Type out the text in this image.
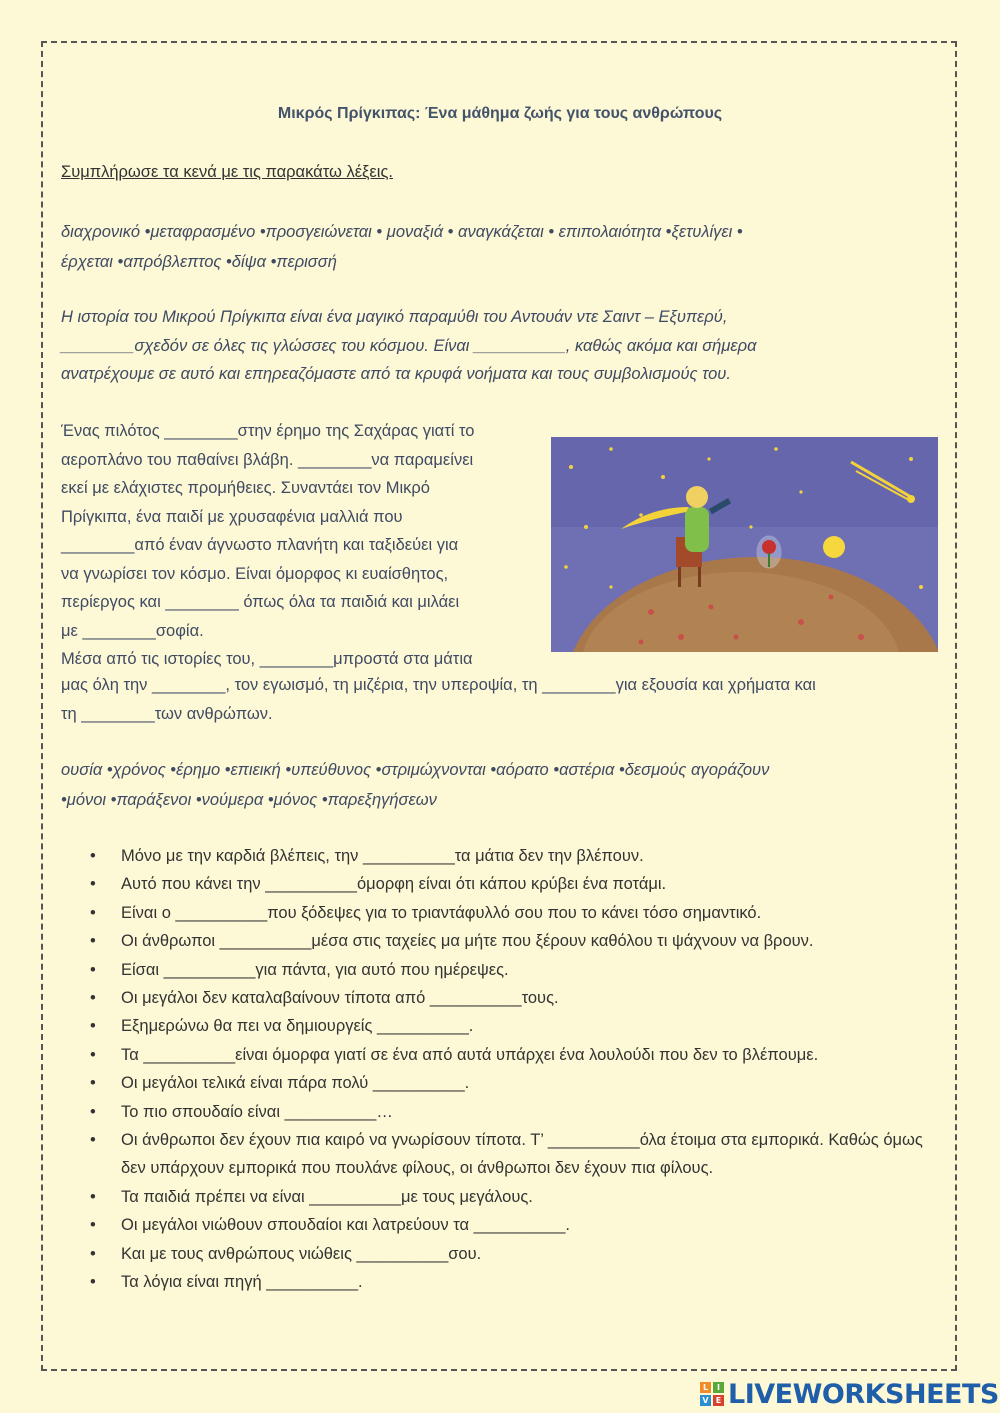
Μικρός Πρίγκιπας: Ένα μάθημα ζωής για τους ανθρώπους
Συμπλήρωσε τα κενά με τις παρακάτω λέξεις.
διαχρονικό •μεταφρασμένο •προσγειώνεται • μοναξιά • αναγκάζεται • επιπολαιότητα •ξετυλίγει •
έρχεται •απρόβλεπτος •δίψα •περισσή
Η ιστορία του Μικρού Πρίγκιπα είναι ένα μαγικό παραμύθι του Αντουάν ντε Σαιντ – Εξυπερύ,
________σχεδόν σε όλες τις γλώσσες του κόσμου. Είναι __________, καθώς ακόμα και σήμερα
ανατρέχουμε σε αυτό και επηρεαζόμαστε από τα κρυφά νοήματα και τους συμβολισμούς του.
Ένας πιλότος ________στην έρημο της Σαχάρας γιατί το
αεροπλάνο του παθαίνει βλάβη. ________να παραμείνει
εκεί με ελάχιστες προμήθειες. Συναντάει τον Μικρό
Πρίγκιπα, ένα παιδί με χρυσαφένια μαλλιά που
________από έναν άγνωστο πλανήτη και ταξιδεύει για
να γνωρίσει τον κόσμο. Είναι όμορφος κι ευαίσθητος,
περίεργος και ________ όπως όλα τα παιδιά και μιλάει
με ________σοφία.
Μέσα από τις ιστορίες του, ________μπροστά στα μάτια
μας όλη την ________, τον εγωισμό, τη μιζέρια, την υπεροψία, τη ________για εξουσία και χρήματα και
τη ________των ανθρώπων.
ουσία •χρόνος •έρημο •επιεική •υπεύθυνος •στριμώχνονται •αόρατο •αστέρια •δεσμούς αγοράζουν
•μόνοι •παράξενοι •νούμερα •μόνος •παρεξηγήσεων
• Μόνο με την καρδιά βλέπεις, την __________τα μάτια δεν την βλέπουν.
• Αυτό που κάνει την __________όμορφη είναι ότι κάπου κρύβει ένα ποτάμι.
• Είναι ο __________που ξόδεψες για το τριαντάφυλλό σου που το κάνει τόσο σημαντικό.
• Οι άνθρωποι __________μέσα στις ταχείες μα μήτε που ξέρουν καθόλου τι ψάχνουν να βρουν.
• Είσαι __________για πάντα, για αυτό που ημέρεψες.
• Οι μεγάλοι δεν καταλαβαίνουν τίποτα από __________τους.
• Εξημερώνω θα πει να δημιουργείς __________.
• Τα __________είναι όμορφα γιατί σε ένα από αυτά υπάρχει ένα λουλούδι που δεν το βλέπουμε.
• Οι μεγάλοι τελικά είναι πάρα πολύ __________.
• Το πιο σπουδαίο είναι __________…
• Οι άνθρωποι δεν έχουν πια καιρό να γνωρίσουν τίποτα. Τ’ __________όλα έτοιμα στα εμπορικά. Καθώς όμως δεν υπάρχουν εμπορικά που πουλάνε φίλους, οι άνθρωποι δεν έχουν πια φίλους.
• Τα παιδιά πρέπει να είναι __________με τους μεγάλους.
• Οι μεγάλοι νιώθουν σπουδαίοι και λατρεύουν τα __________.
• Και με τους ανθρώπους νιώθεις __________σου.
• Τα λόγια είναι πηγή __________.
L	I
V E LIVEWORKSHEETS
